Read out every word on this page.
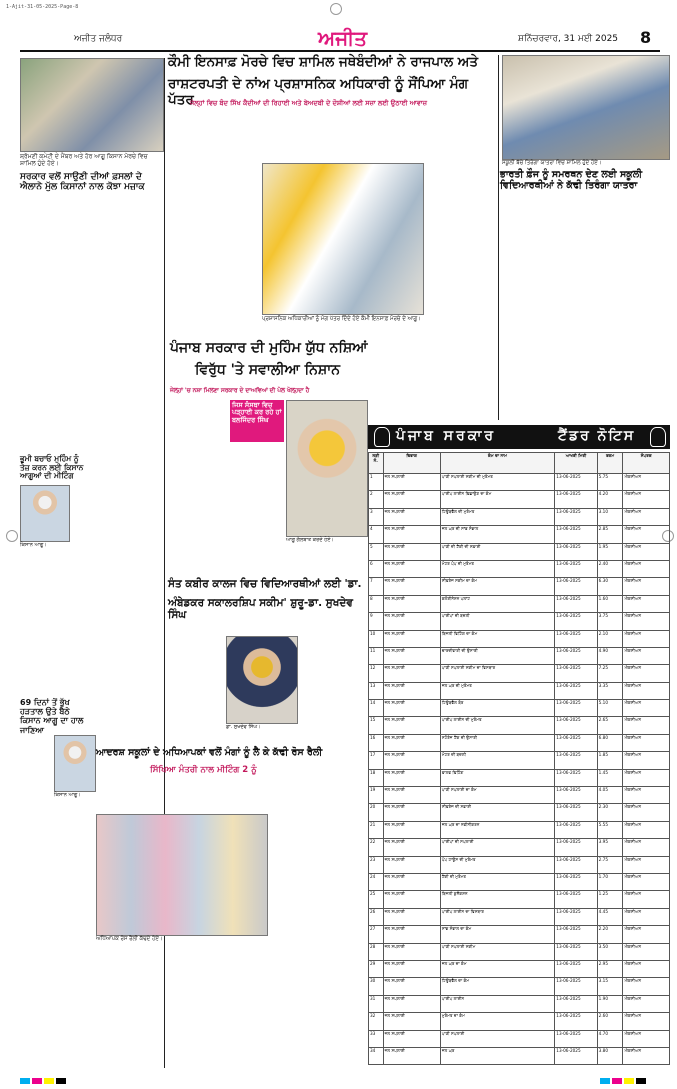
1-Ajit-31-05-2025-Page-8
ਅਜੀਤ ਜਲੰਧਰ	ਅਜੀਤ	ਸ਼ਨਿੱਚਰਵਾਰ, 31 ਮਈ 2025 8
ਸ਼੍ਰੋਮਣੀ ਕਮੇਟੀ ਦੇ ਮੈਂਬਰ ਅਤੇ ਹੋਰ ਆਗੂ ਕਿਸਾਨ ਮੋਰਚੇ ਵਿਚ ਸ਼ਾਮਿਲ ਹੁੰਦੇ ਹੋਏ।
ਸਰਕਾਰ ਵਲੋਂ ਸਾਉਣੀ ਦੀਆਂ ਫ਼ਸਲਾਂ ਦੇ ਐਲਾਨੇ ਮੁੱਲ ਕਿਸਾਨਾਂ ਨਾਲ ਕੋਝਾ ਮਜ਼ਾਕ
ਭੂਮੀ ਬਚਾਓ ਮੁਹਿੰਮ ਨੂੰ ਤੇਜ਼ ਕਰਨ ਲਈ ਕਿਸਾਨ ਆਗੂਆਂ ਦੀ ਮੀਟਿੰਗ
ਕਿਸਾਨ ਆਗੂ।
69 ਦਿਨਾਂ ਤੋਂ ਭੁੱਖ ਹੜਤਾਲ ਉਤੇ ਬੈਠੇ ਕਿਸਾਨ ਆਗੂ ਦਾ ਹਾਲ ਜਾਣਿਆ
ਕਿਸਾਨ ਆਗੂ।
ਕੌਮੀ ਇਨਸਾਫ਼ ਮੋਰਚੇ ਵਿਚ ਸ਼ਾਮਿਲ ਜਥੇਬੰਦੀਆਂ ਨੇ ਰਾਜਪਾਲ ਅਤੇ
ਰਾਸ਼ਟਰਪਤੀ ਦੇ ਨਾਂਅ ਪ੍ਰਸ਼ਾਸਨਿਕ ਅਧਿਕਾਰੀ ਨੂੰ ਸੌਂਪਿਆ ਮੰਗ ਪੱਤਰ
ਜੇਲ੍ਹਾਂ ਵਿਚ ਬੰਦ ਸਿੱਖ ਕੈਦੀਆਂ ਦੀ ਰਿਹਾਈ ਅਤੇ ਬੇਅਦਬੀ ਦੇ ਦੋਸ਼ੀਆਂ ਲਈ ਸਜ਼ਾ ਲਈ ਉਠਾਈ ਆਵਾਜ਼
ਪ੍ਰਸ਼ਾਸਨਿਕ ਅਧਿਕਾਰੀਆਂ ਨੂੰ ਮੰਗ ਪੱਤਰ ਦਿੰਦੇ ਹੋਏ ਕੌਮੀ ਇਨਸਾਫ਼ ਮੋਰਚੇ ਦੇ ਆਗੂ।
ਸਕੂਲੀ ਬੱਚੇ ਤਿਰੰਗਾ ਯਾਤਰਾ ਵਿਚ ਸ਼ਾਮਿਲ ਹੁੰਦੇ ਹੋਏ।
ਭਾਰਤੀ ਫ਼ੌਜ ਨੂੰ ਸਮਰਥਨ ਦੇਣ ਲਈ ਸਕੂਲੀ ਵਿਦਿਆਰਥੀਆਂ ਨੇ ਕੱਢੀ ਤਿਰੰਗਾ ਯਾਤਰਾ
ਪੰਜਾਬ ਸਰਕਾਰ ਦੀ ਮੁਹਿੰਮ ਯੁੱਧ ਨਸ਼ਿਆਂ
ਵਿਰੁੱਧ 'ਤੇ ਸਵਾਲੀਆ ਨਿਸ਼ਾਨ
ਜੇਲ੍ਹਾਂ 'ਚ ਨਸ਼ਾ ਮਿਲਣਾ ਸਰਕਾਰ ਦੇ ਦਾਅਵਿਆਂ ਦੀ ਪੋਲ ਖੋਲ੍ਹਦਾ ਹੈ
ਜਿਸ ਸੰਸਥਾ ਵਿਚ ਪੜ੍ਹਾਈ ਕਰ ਰਹੇ ਹਾਂ ਬਲਜਿੰਦਰ ਸਿੰਘ
ਆਗੂ ਗੱਲਬਾਤ ਕਰਦੇ ਹੋਏ।
ਸੰਤ ਕਬੀਰ ਕਾਲਜ ਵਿਚ ਵਿਦਿਆਰਥੀਆਂ ਲਈ 'ਡਾ.
ਅੰਬੇਡਕਰ ਸਕਾਲਰਸ਼ਿਪ ਸਕੀਮ' ਸ਼ੁਰੂ-ਡਾ. ਸੁਖਦੇਵ ਸਿੰਘ
ਡਾ. ਸੁਖਦੇਵ ਸਿੰਘ।
ਆਦਰਸ਼ ਸਕੂਲਾਂ ਦੇ ਅਧਿਆਪਕਾਂ ਵਲੋਂ ਮੰਗਾਂ ਨੂੰ ਲੈ ਕੇ ਕੱਢੀ ਰੋਸ ਰੈਲੀ
ਸਿੱਖਿਆ ਮੰਤਰੀ ਨਾਲ ਮੀਟਿੰਗ 2 ਨੂੰ
ਅਧਿਆਪਕ ਰੋਸ ਰੈਲੀ ਕੱਢਦੇ ਹੋਏ।
ਪੰਜਾਬ ਸਰਕਾਰ	ਟੈਂਡਰ ਨੋਟਿਸ
ਲੜੀ ਨੰ.	ਵਿਭਾਗ	ਕੰਮ ਦਾ ਨਾਮ	ਆਖਰੀ ਮਿਤੀ	ਰਕਮ	ਸੰਪਰਕ
1	ਜਲ ਸਪਲਾਈ	ਪਾਣੀ ਸਪਲਾਈ ਸਕੀਮ ਦੀ ਮੁਰੰਮਤ	13-06-2025	5.75	ਐਕਸੀਅਨ
2	ਜਲ ਸਪਲਾਈ	ਪਾਈਪ ਲਾਈਨ ਵਿਛਾਉਣ ਦਾ ਕੰਮ	13-06-2025	4.20	ਐਕਸੀਅਨ
3	ਜਲ ਸਪਲਾਈ	ਟਿਊਬਵੈੱਲ ਦੀ ਮੁਰੰਮਤ	13-06-2025	3.10	ਐਕਸੀਅਨ
4	ਜਲ ਸਪਲਾਈ	ਜਲ ਘਰ ਦੀ ਸਾਂਭ ਸੰਭਾਲ	13-06-2025	2.85	ਐਕਸੀਅਨ
5	ਜਲ ਸਪਲਾਈ	ਪਾਣੀ ਦੀ ਟੈਂਕੀ ਦੀ ਸਫ਼ਾਈ	13-06-2025	1.95	ਐਕਸੀਅਨ
6	ਜਲ ਸਪਲਾਈ	ਮੋਟਰ ਪੰਪ ਦੀ ਮੁਰੰਮਤ	13-06-2025	2.40	ਐਕਸੀਅਨ
7	ਜਲ ਸਪਲਾਈ	ਸੀਵਰੇਜ ਸਕੀਮ ਦਾ ਕੰਮ	13-06-2025	6.30	ਐਕਸੀਅਨ
8	ਜਲ ਸਪਲਾਈ	ਕਲੋਰੀਨੇਸ਼ਨ ਪਲਾਂਟ	13-06-2025	1.60	ਐਕਸੀਅਨ
9	ਜਲ ਸਪਲਾਈ	ਪਾਈਪਾਂ ਦੀ ਬਦਲੀ	13-06-2025	3.75	ਐਕਸੀਅਨ
10	ਜਲ ਸਪਲਾਈ	ਬਿਜਲੀ ਫਿਟਿੰਗ ਦਾ ਕੰਮ	13-06-2025	2.10	ਐਕਸੀਅਨ
11	ਜਲ ਸਪਲਾਈ	ਚਾਰਦੀਵਾਰੀ ਦੀ ਉਸਾਰੀ	13-06-2025	4.90	ਐਕਸੀਅਨ
12	ਜਲ ਸਪਲਾਈ	ਪਾਣੀ ਸਪਲਾਈ ਸਕੀਮ ਦਾ ਵਿਸਥਾਰ	13-06-2025	7.25	ਐਕਸੀਅਨ
13	ਜਲ ਸਪਲਾਈ	ਜਲ ਘਰ ਦੀ ਮੁਰੰਮਤ	13-06-2025	3.35	ਐਕਸੀਅਨ
14	ਜਲ ਸਪਲਾਈ	ਟਿਊਬਵੈੱਲ ਬੋਰ	13-06-2025	5.10	ਐਕਸੀਅਨ
15	ਜਲ ਸਪਲਾਈ	ਪਾਈਪ ਲਾਈਨ ਦੀ ਮੁਰੰਮਤ	13-06-2025	2.65	ਐਕਸੀਅਨ
16	ਜਲ ਸਪਲਾਈ	ਸਟੋਰੇਜ ਟੈਂਕ ਦੀ ਉਸਾਰੀ	13-06-2025	6.80	ਐਕਸੀਅਨ
17	ਜਲ ਸਪਲਾਈ	ਮੋਟਰ ਦੀ ਬਦਲੀ	13-06-2025	1.85	ਐਕਸੀਅਨ
18	ਜਲ ਸਪਲਾਈ	ਵਾਲਵ ਫਿਟਿੰਗ	13-06-2025	1.45	ਐਕਸੀਅਨ
19	ਜਲ ਸਪਲਾਈ	ਪਾਣੀ ਸਪਲਾਈ ਦਾ ਕੰਮ	13-06-2025	4.05	ਐਕਸੀਅਨ
20	ਜਲ ਸਪਲਾਈ	ਸੀਵਰੇਜ ਦੀ ਸਫ਼ਾਈ	13-06-2025	2.30	ਐਕਸੀਅਨ
21	ਜਲ ਸਪਲਾਈ	ਜਲ ਘਰ ਦਾ ਨਵੀਨੀਕਰਨ	13-06-2025	5.55	ਐਕਸੀਅਨ
22	ਜਲ ਸਪਲਾਈ	ਪਾਈਪਾਂ ਦੀ ਸਪਲਾਈ	13-06-2025	3.95	ਐਕਸੀਅਨ
23	ਜਲ ਸਪਲਾਈ	ਪੰਪ ਹਾਊਸ ਦੀ ਮੁਰੰਮਤ	13-06-2025	2.75	ਐਕਸੀਅਨ
24	ਜਲ ਸਪਲਾਈ	ਟੈਂਕੀ ਦੀ ਮੁਰੰਮਤ	13-06-2025	1.70	ਐਕਸੀਅਨ
25	ਜਲ ਸਪਲਾਈ	ਬਿਜਲੀ ਕੁਨੈਕਸ਼ਨ	13-06-2025	1.25	ਐਕਸੀਅਨ
26	ਜਲ ਸਪਲਾਈ	ਪਾਈਪ ਲਾਈਨ ਦਾ ਵਿਸਥਾਰ	13-06-2025	4.45	ਐਕਸੀਅਨ
27	ਜਲ ਸਪਲਾਈ	ਸਾਂਭ ਸੰਭਾਲ ਦਾ ਕੰਮ	13-06-2025	2.20	ਐਕਸੀਅਨ
28	ਜਲ ਸਪਲਾਈ	ਪਾਣੀ ਸਪਲਾਈ ਸਕੀਮ	13-06-2025	3.50	ਐਕਸੀਅਨ
29	ਜਲ ਸਪਲਾਈ	ਜਲ ਘਰ ਦਾ ਕੰਮ	13-06-2025	2.95	ਐਕਸੀਅਨ
30	ਜਲ ਸਪਲਾਈ	ਟਿਊਬਵੈੱਲ ਦਾ ਕੰਮ	13-06-2025	3.15	ਐਕਸੀਅਨ
31	ਜਲ ਸਪਲਾਈ	ਪਾਈਪ ਲਾਈਨ	13-06-2025	1.90	ਐਕਸੀਅਨ
32	ਜਲ ਸਪਲਾਈ	ਮੁਰੰਮਤ ਦਾ ਕੰਮ	13-06-2025	2.60	ਐਕਸੀਅਨ
33	ਜਲ ਸਪਲਾਈ	ਪਾਣੀ ਸਪਲਾਈ	13-06-2025	4.70	ਐਕਸੀਅਨ
34	ਜਲ ਸਪਲਾਈ	ਜਲ ਘਰ	13-06-2025	3.80	ਐਕਸੀਅਨ
